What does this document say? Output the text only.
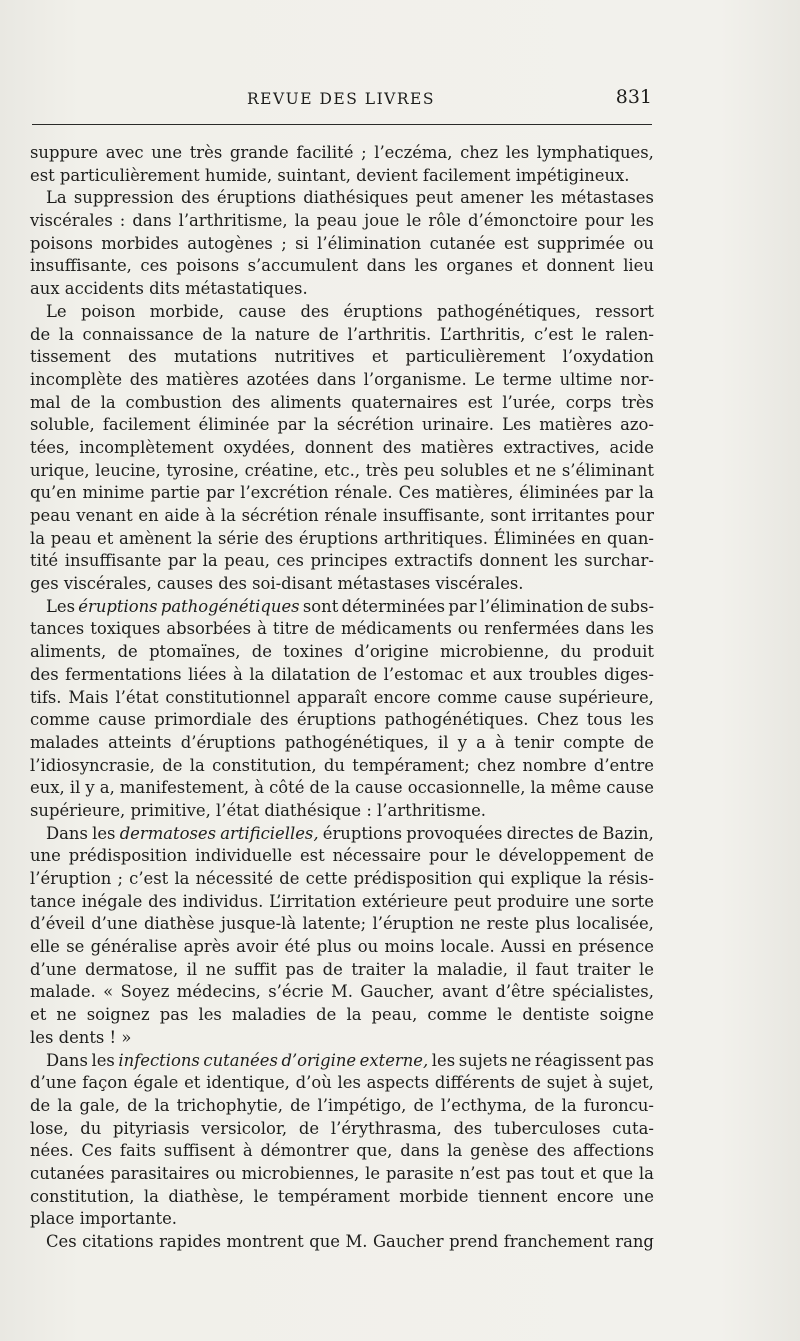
REVUE DES LIVRES	831
suppure avec une très grande facilité ; l’eczéma, chez les lymphatiques,
est particulièrement humide, suintant, devient facilement impétigineux.
La suppression des éruptions diathésiques peut amener les métastases
viscérales : dans l’arthritisme, la peau joue le rôle d’émonctoire pour les
poisons morbides autogènes ; si l’élimination cutanée est supprimée ou
insuffisante, ces poisons s’accumulent dans les organes et donnent lieu
aux accidents dits métastatiques.
Le poison morbide, cause des éruptions pathogénétiques, ressort
de la connaissance de la nature de l’arthritis. L’arthritis, c’est le ralen-
tissement des mutations nutritives et particulièrement l’oxydation
incomplète des matières azotées dans l’organisme. Le terme ultime nor-
mal de la combustion des aliments quaternaires est l’urée, corps très
soluble, facilement éliminée par la sécrétion urinaire. Les matières azo-
tées, incomplètement oxydées, donnent des matières extractives, acide
urique, leucine, tyrosine, créatine, etc., très peu solubles et ne s’éliminant
qu’en minime partie par l’excrétion rénale. Ces matières, éliminées par la
peau venant en aide à la sécrétion rénale insuffisante, sont irritantes pour
la peau et amènent la série des éruptions arthritiques. Éliminées en quan-
tité insuffisante par la peau, ces principes extractifs donnent les surchar-
ges viscérales, causes des soi-disant métastases viscérales.
Les éruptions pathogénétiques sont déterminées par l’élimination de subs-
tances toxiques absorbées à titre de médicaments ou renfermées dans les
aliments, de ptomaïnes, de toxines d’origine microbienne, du produit
des fermentations liées à la dilatation de l’estomac et aux troubles diges-
tifs. Mais l’état constitutionnel apparaît encore comme cause supérieure,
comme cause primordiale des éruptions pathogénétiques. Chez tous les
malades atteints d’éruptions pathogénétiques, il y a à tenir compte de
l’idiosyncrasie, de la constitution, du tempérament; chez nombre d’entre
eux, il y a, manifestement, à côté de la cause occasionnelle, la même cause
supérieure, primitive, l’état diathésique : l’arthritisme.
Dans les dermatoses artificielles, éruptions provoquées directes de Bazin,
une prédisposition individuelle est nécessaire pour le développement de
l’éruption ; c’est la nécessité de cette prédisposition qui explique la résis-
tance inégale des individus. L’irritation extérieure peut produire une sorte
d’éveil d’une diathèse jusque-là latente; l’éruption ne reste plus localisée,
elle se généralise après avoir été plus ou moins locale. Aussi en présence
d’une dermatose, il ne suffit pas de traiter la maladie, il faut traiter le
malade. « Soyez médecins, s’écrie M. Gaucher, avant d’être spécialistes,
et ne soignez pas les maladies de la peau, comme le dentiste soigne
les dents ! »
Dans les infections cutanées d’origine externe, les sujets ne réagissent pas
d’une façon égale et identique, d’où les aspects différents de sujet à sujet,
de la gale, de la trichophytie, de l’impétigo, de l’ecthyma, de la furoncu-
lose, du pityriasis versicolor, de l’érythrasma, des tuberculoses cuta-
nées. Ces faits suffisent à démontrer que, dans la genèse des affections
cutanées parasitaires ou microbiennes, le parasite n’est pas tout et que la
constitution, la diathèse, le tempérament morbide tiennent encore une
place importante.
Ces citations rapides montrent que M. Gaucher prend franchement rang
